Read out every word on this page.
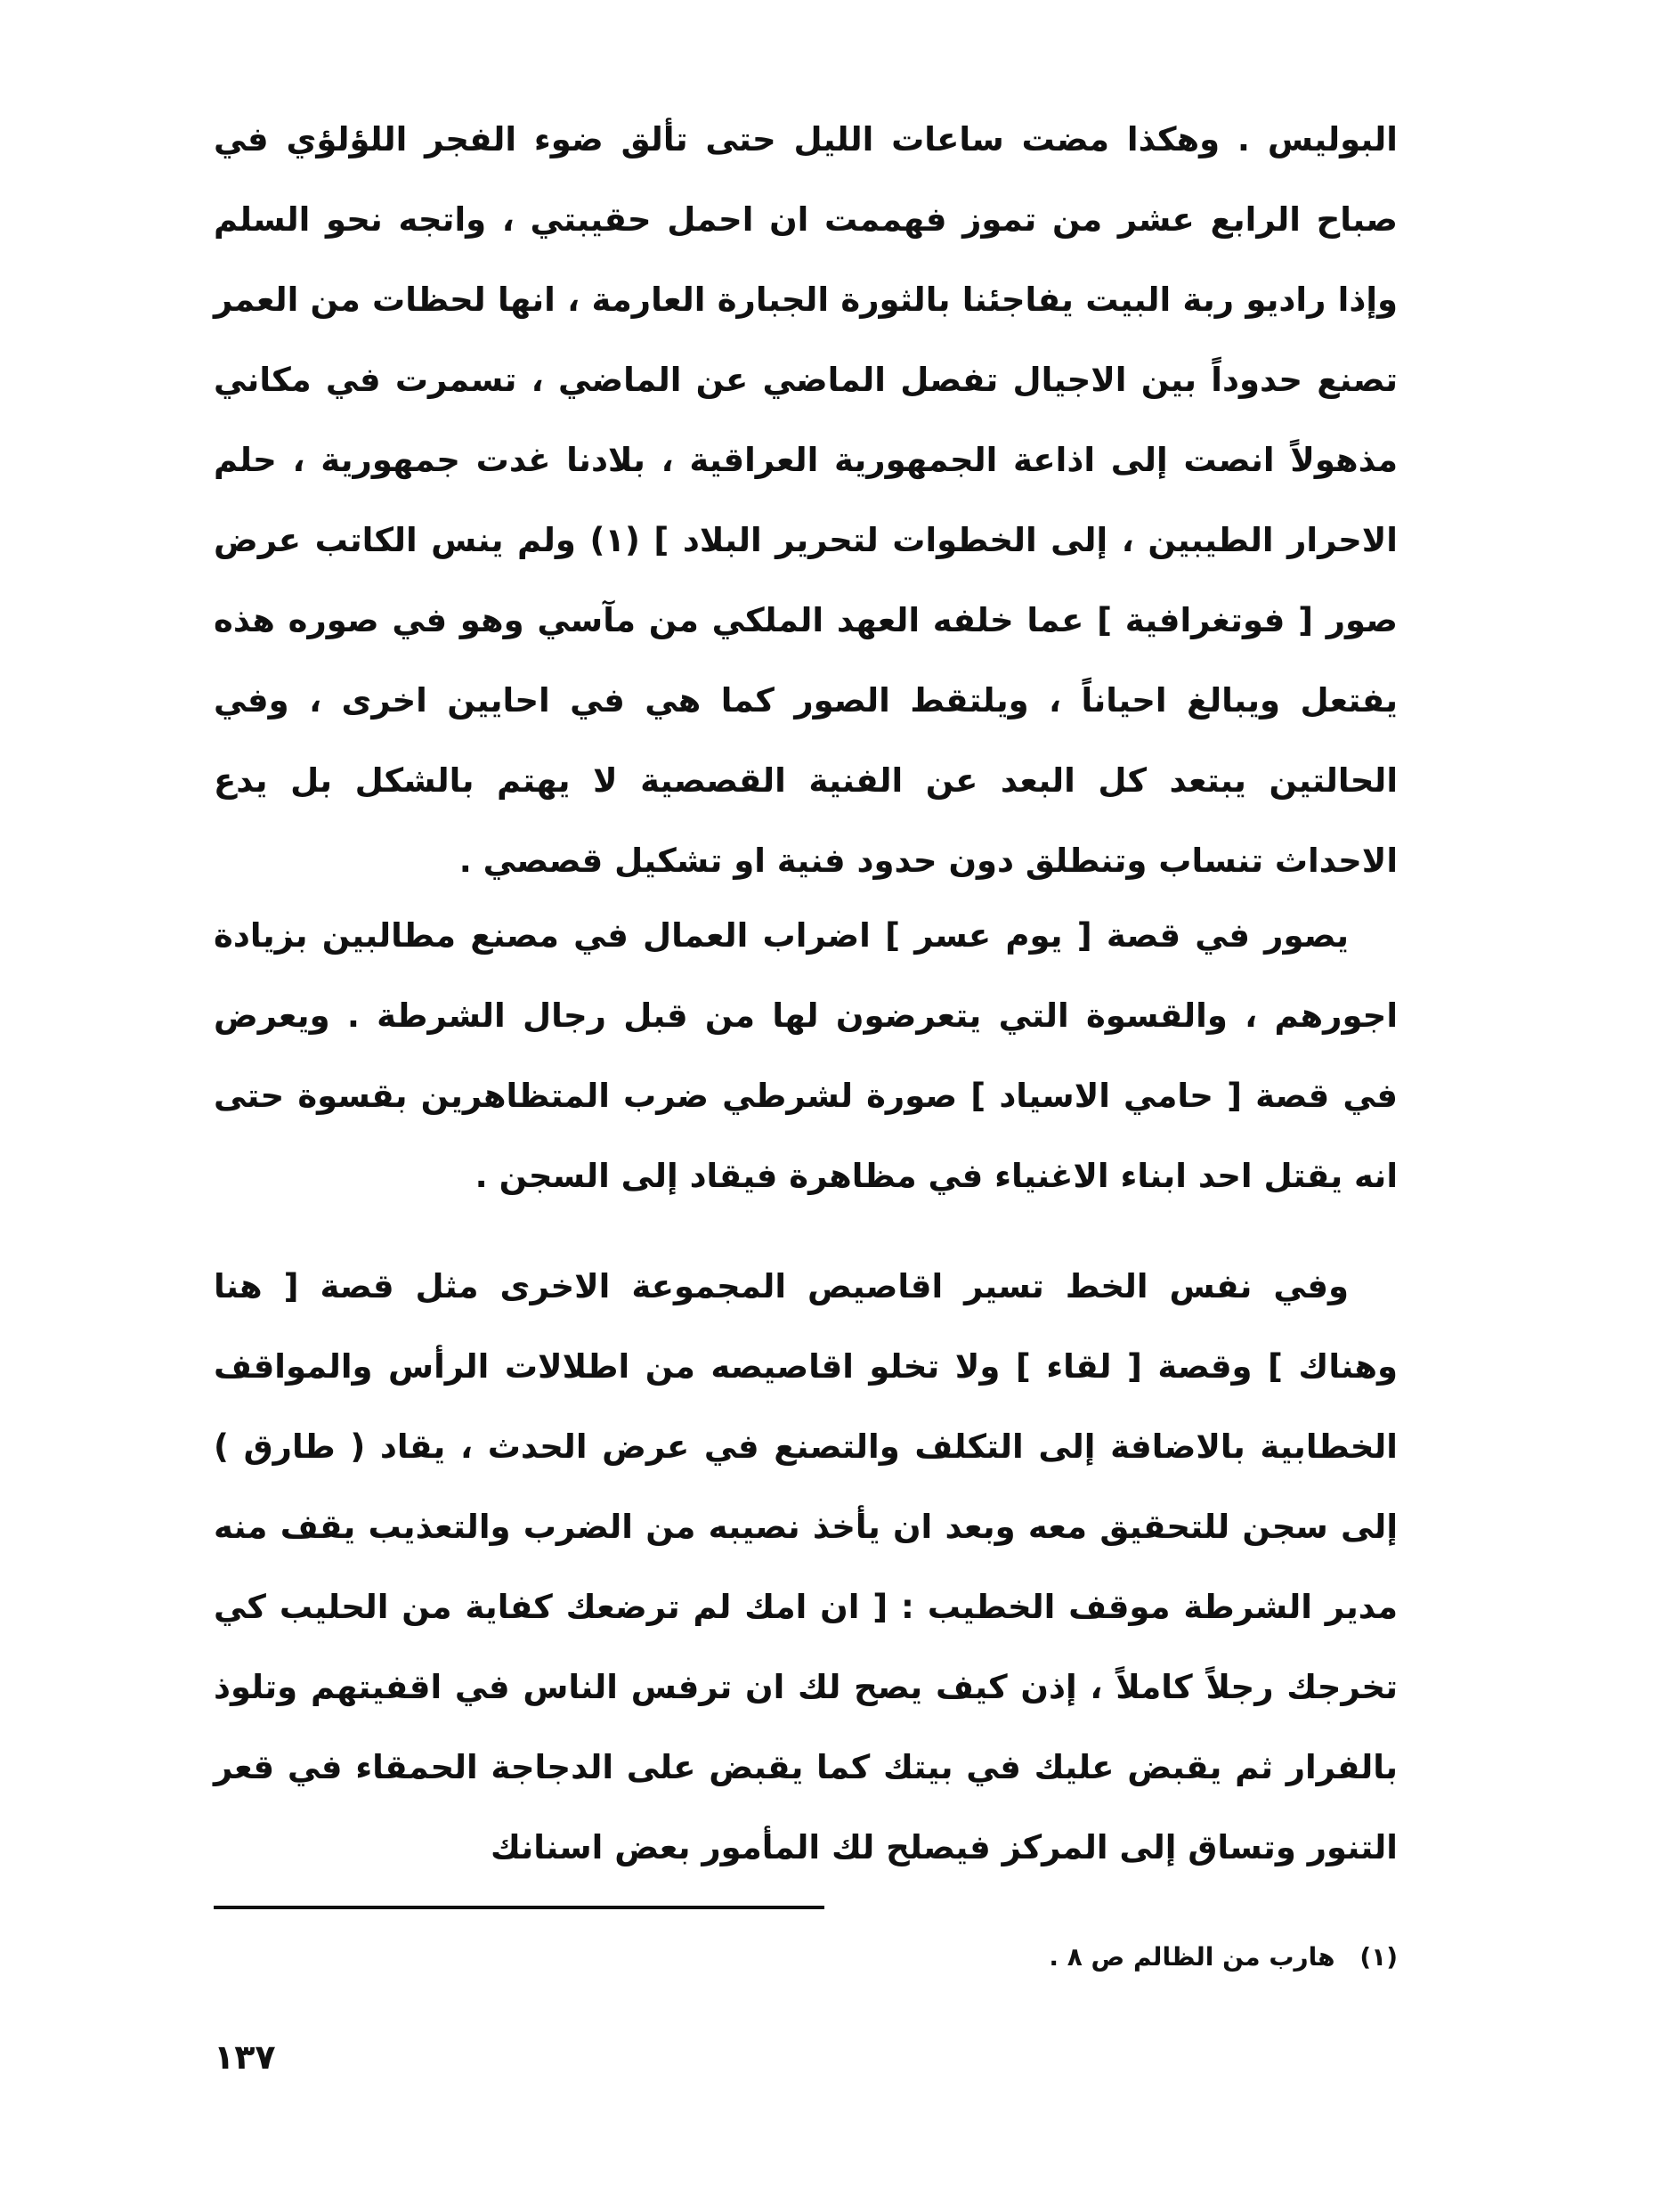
البوليس . وهكذا مضت ساعات الليل حتى تألق ضوء الفجر اللؤلؤي في صباح الرابع عشر من تموز فهممت ان احمل حقيبتي ، واتجه نحو السلم وإذا راديو ربة البيت يفاجئنا بالثورة الجبارة العارمة ، انها لحظات من العمر تصنع حدوداً بين الاجيال تفصل الماضي عن الماضي ، تسمرت في مكاني مذهولاً انصت إلى اذاعة الجمهورية العراقية ، بلادنا غدت جمهورية ، حلم الاحرار الطيبين ، إلى الخطوات لتحرير البلاد ] (١) ولم ينس الكاتب عرض صور [ فوتغرافية ] عما خلفه العهد الملكي من مآسي وهو في صوره هذه يفتعل ويبالغ احياناً ، ويلتقط الصور كما هي في احايين اخرى ، وفي الحالتين يبتعد كل البعد عن الفنية القصصية لا يهتم بالشكل بل يدع الاحداث تنساب وتنطلق دون حدود فنية او تشكيل قصصي .

يصور في قصة [ يوم عسر ] اضراب العمال في مصنع مطالبين بزيادة اجورهم ، والقسوة التي يتعرضون لها من قبل رجال الشرطة . ويعرض في قصة [ حامي الاسياد ] صورة لشرطي ضرب المتظاهرين بقسوة حتى انه يقتل احد ابناء الاغنياء في مظاهرة فيقاد إلى السجن .

وفي نفس الخط تسير اقاصيص المجموعة الاخرى مثل قصة [ هنا وهناك ] وقصة [ لقاء ] ولا تخلو اقاصيصه من اطلالات الرأس والمواقف الخطابية بالاضافة إلى التكلف والتصنع في عرض الحدث ، يقاد ( طارق ) إلى سجن للتحقيق معه وبعد ان يأخذ نصيبه من الضرب والتعذيب يقف منه مدير الشرطة موقف الخطيب : [ ان امك لم ترضعك كفاية من الحليب كي تخرجك رجلاً كاملاً ، إذن كيف يصح لك ان ترفس الناس في اقفيتهم وتلوذ بالفرار ثم يقبض عليك في بيتك كما يقبض على الدجاجة الحمقاء في قعر التنور وتساق إلى المركز فيصلح لك المأمور بعض اسنانك

(١) هارب من الظالم ص ٨ .
١٣٧
